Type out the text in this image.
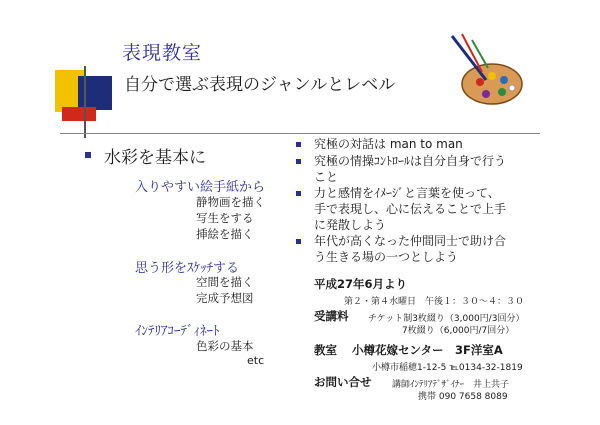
表現教室
自分で選ぶ表現のジャンルとレベル
水彩を基本に
入りやすい絵手紙から
静物画を描く
写生をする
挿絵を描く
思う形をｽｹｯﾁする
空間を描く
完成予想図
ｲﾝﾃﾘｱｺｰﾃﾞｨﾈｰﾄ
色彩の基本
etc
究極の対話は man to man
究極の情操ｺﾝﾄﾛｰﾙは自分自身で行う
こと
力と感情をｲﾒｰｼﾞと言葉を使って、
手で表現し、心に伝えることで上手
に発散しよう
年代が高くなった仲間同士で助け合
う生きる場の一つとしよう
平成27年6月より
第２・第４水曜日　午後１：３０～４：３０
受講料 チケット制3枚綴り（3,000円/3回分）
7枚綴り（6,000円/7回分）
教室 小樽花嫁センター　3F洋室A
小樽市稲穂1-12-5 ℡0134-32-1819
お問い合せ 講師ｲﾝﾃﾘｱﾃﾞｻﾞｲﾅｰ　井上共子
携帯 090 7658 8089
